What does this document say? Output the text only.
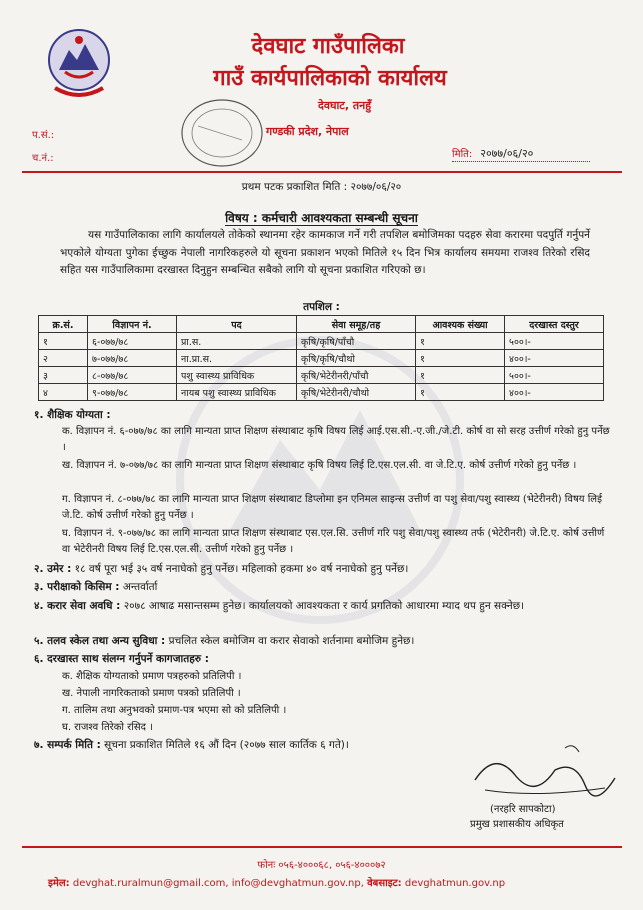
देवघाट गाउँपालिका
गाउँ कार्यपालिकाको कार्यालय
देवघाट, तनहुँ
गण्डकी प्रदेश, नेपाल
प.सं.:
च.नं.:	मिति: २०७७/०६/२०
प्रथम पटक प्रकाशित मिति : २०७७/०६/२०
विषय : कर्मचारी आवश्यकता सम्बन्धी सूचना
यस गाउँपालिकाका लागि कार्यालयले तोकेको स्थानमा रहेर कामकाज गर्ने गरी तपशिल बमोजिमका पदहरु सेवा करारमा पदपुर्ति गर्नुपर्ने भएकोले योग्यता पुगेका ईच्छुक नेपाली नागरिकहरुले यो सूचना प्रकाशन भएको मितिले १५ दिन भित्र कार्यालय समयमा राजश्व तिरेको रसिद सहित यस गाउँपालिकामा दरखास्त दिनुहुन सम्बन्धित सबैको लागि यो सूचना प्रकाशित गरिएको छ।
तपशिल :
क्र.सं.	विज्ञापन नं.	पद	सेवा समूह/तह	आवश्यक संख्या	दरखास्त दस्तुर
१	६-०७७/७८	प्रा.स.	कृषि/कृषि/पाँचौ	१	५००।-
२	७-०७७/७८	ना.प्रा.स.	कृषि/कृषि/चौथो	१	४००।-
३	८-०७७/७८	पशु स्वास्थ्य प्राविधिक	कृषि/भेटेरीनरी/पाँचौ	१	५००।-
४	९-०७७/७८	नायब पशु स्वास्थ्य प्राविधिक	कृषि/भेटेरीनरी/चौथो	१	४००।-
१. शैक्षिक योग्यता :
क. विज्ञापन नं. ६-०७७/७८ का लागि मान्यता प्राप्त शिक्षण संस्थाबाट कृषि विषय लिई आई.एस.सी.-ए.जी./जे.टी. कोर्ष वा सो सरह उत्तीर्ण गरेको हुनु पर्नेछ ।
ख. विज्ञापन नं. ७-०७७/७८ का लागि मान्यता प्राप्त शिक्षण संस्थाबाट कृषि विषय लिई टि.एस.एल.सी. वा जे.टि.ए. कोर्ष उत्तीर्ण गरेको हुनु पर्नेछ ।
ग. विज्ञापन नं. ८-०७७/७८ का लागि मान्यता प्राप्त शिक्षण संस्थाबाट डिप्लोमा इन एनिमल साइन्स उत्तीर्ण वा पशु सेवा/पशु स्वास्थ्य (भेटेरीनरी) विषय लिई जे.टि. कोर्ष उत्तीर्ण गरेको हुनु पर्नेछ ।
घ. विज्ञापन नं. ९-०७७/७८ का लागि मान्यता प्राप्त शिक्षण संस्थाबाट एस.एल.सि. उत्तीर्ण गरि पशु सेवा/पशु स्वास्थ्य तर्फ (भेटेरीनरी) जे.टि.ए. कोर्ष उत्तीर्ण वा भेटेरीनरी विषय लिई टि.एस.एल.सी. उत्तीर्ण गरेको हुनु पर्नेछ ।
२. उमेर : १८ वर्ष पूरा भई ३५ वर्ष ननाघेको हुनु पर्नेछ। महिलाको हकमा ४० वर्ष ननाघेको हुनु पर्नेछ।
३. परीक्षाको किसिम : अन्तर्वार्ता
४. करार सेवा अवधि : २०७८ आषाढ मसान्तसम्म हुनेछ। कार्यालयको आवश्यकता र कार्य प्रगतिको आधारमा म्याद थप हुन सक्नेछ।
५. तलव स्केल तथा अन्य सुविधा : प्रचलित स्केल बमोजिम वा करार सेवाको शर्तनामा बमोजिम हुनेछ।
६. दरखास्त साथ संलग्न गर्नुपर्ने कागजातहरु :
क. शैक्षिक योग्यताको प्रमाण पत्रहरुको प्रतिलिपी ।
ख. नेपाली नागरिकताको प्रमाण पत्रको प्रतिलिपी ।
ग. तालिम तथा अनुभवको प्रमाण-पत्र भएमा सो को प्रतिलिपी ।
घ. राजश्व तिरेको रसिद ।
७. सम्पर्क मिति : सूचना प्रकाशित मितिले १६ औं दिन (२०७७ साल कार्तिक ६ गते)।
(नरहरि सापकोटा)
प्रमुख प्रशासकीय अधिकृत
फोनः ०५६-४०००६८, ०५६-४०००७२
इमेल: devghat.ruralmun@gmail.com, info@devghatmun.gov.np, वेबसाइट: devghatmun.gov.np
